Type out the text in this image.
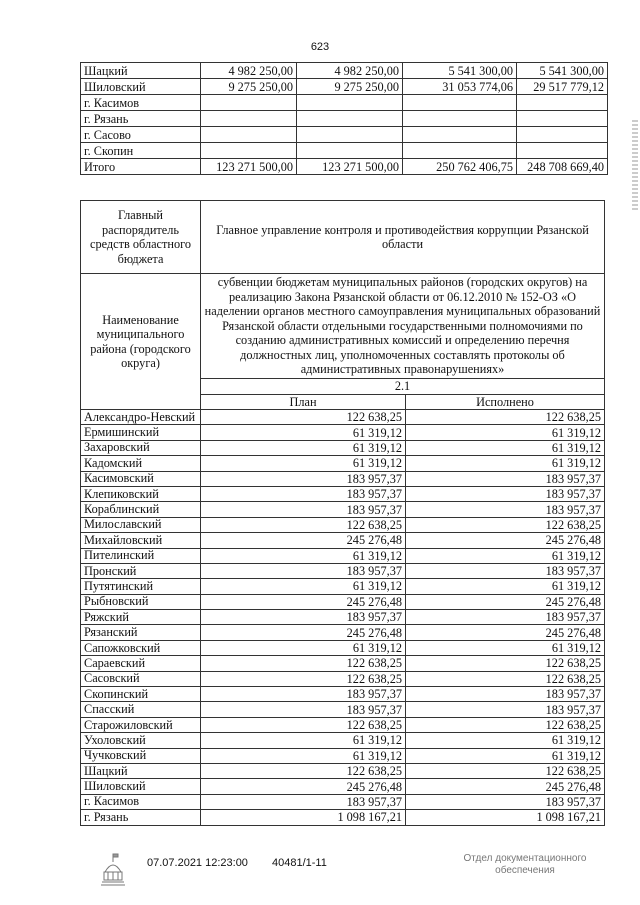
623
Шацкий	4 982 250,00	4 982 250,00	5 541 300,00	5 541 300,00
Шиловский	9 275 250,00	9 275 250,00	31 053 774,06	29 517 779,12
г. Касимов				
г. Рязань				
г. Сасово				
г. Скопин				
Итого	123 271 500,00	123 271 500,00	250 762 406,75	248 708 669,40
Главный распорядитель средств областного бюджета	Главное управление контроля и противодействия коррупции Рязанской области	
Наименование муниципального района (городского округа)	субвенции бюджетам муниципальных районов (городских округов) на реализацию Закона Рязанской области от 06.12.2010 № 152-ОЗ «О наделении органов местного самоуправления муниципальных образований Рязанской области отдельными государственными полномочиями по созданию административных комиссий и определению перечня должностных лиц, уполномоченных составлять протоколы об административных правонарушениях»	
	2.1	
	План	Исполнено
Александро-Невский	122 638,25	122 638,25
Ермишинский	61 319,12	61 319,12
Захаровский	61 319,12	61 319,12
Кадомский	61 319,12	61 319,12
Касимовский	183 957,37	183 957,37
Клепиковский	183 957,37	183 957,37
Кораблинский	183 957,37	183 957,37
Милославский	122 638,25	122 638,25
Михайловский	245 276,48	245 276,48
Пителинский	61 319,12	61 319,12
Пронский	183 957,37	183 957,37
Путятинский	61 319,12	61 319,12
Рыбновский	245 276,48	245 276,48
Ряжский	183 957,37	183 957,37
Рязанский	245 276,48	245 276,48
Сапожковский	61 319,12	61 319,12
Сараевский	122 638,25	122 638,25
Сасовский	122 638,25	122 638,25
Скопинский	183 957,37	183 957,37
Спасский	183 957,37	183 957,37
Старожиловский	122 638,25	122 638,25
Ухоловский	61 319,12	61 319,12
Чучковский	61 319,12	61 319,12
Шацкий	122 638,25	122 638,25
Шиловский	245 276,48	245 276,48
г. Касимов	183 957,37	183 957,37
г. Рязань	1 098 167,21	1 098 167,21
07.07.2021 12:23:00 40481/1-11	Отдел документационного обеспечения
